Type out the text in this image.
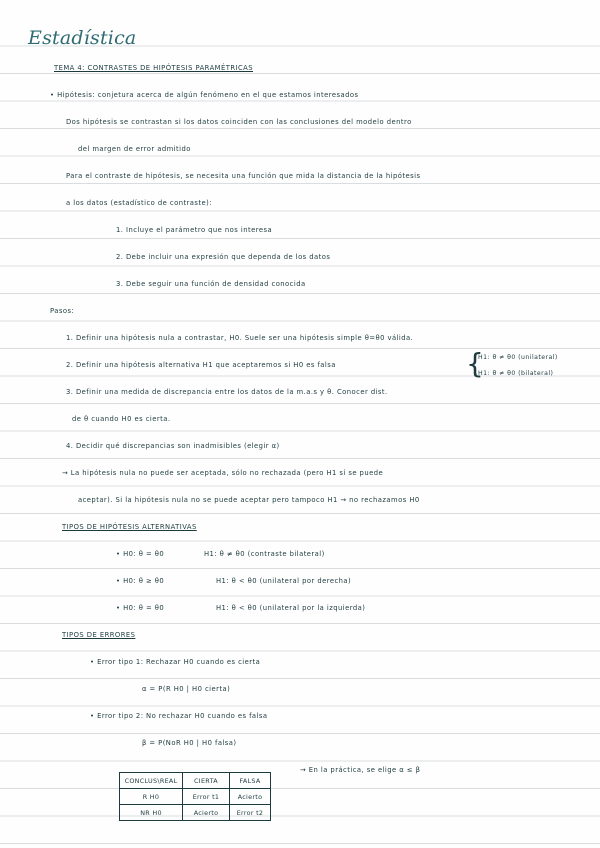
Estadística
TEMA 4: CONTRASTES DE HIPÓTESIS PARAMÉTRICAS
• Hipótesis: conjetura acerca de algún fenómeno en el que estamos interesados
Dos hipótesis se contrastan si los datos coinciden con las conclusiones del modelo dentro
del margen de error admitido
Para el contraste de hipótesis, se necesita una función que mida la distancia de la hipótesis
a los datos (estadístico de contraste):
1. Incluye el parámetro que nos interesa
2. Debe incluir una expresión que dependa de los datos
3. Debe seguir una función de densidad conocida
Pasos:
1. Definir una hipótesis nula a contrastar, H0. Suele ser una hipótesis simple θ=θ0 válida.
2. Definir una hipótesis alternativa H1 que aceptaremos si H0 es falsa	{
H1: θ ≠ θ0 (unilateral)
H1: θ ≠ θ0 (bilateral)
3. Definir una medida de discrepancia entre los datos de la m.a.s y θ. Conocer dist.
de θ cuando H0 es cierta.
4. Decidir qué discrepancias son inadmisibles (elegir α)
→ La hipótesis nula no puede ser aceptada, sólo no rechazada (pero H1 sí se puede
aceptar). Si la hipótesis nula no se puede aceptar pero tampoco H1 → no rechazamos H0
TIPOS DE HIPÓTESIS ALTERNATIVAS
• H0: θ = θ0	H1: θ ≠ θ0 (contraste bilateral)
• H0: θ ≥ θ0	H1: θ < θ0 (unilateral por derecha)
• H0: θ = θ0	H1: θ < θ0 (unilateral por la izquierda)
TIPOS DE ERRORES
• Error tipo 1: Rechazar H0 cuando es cierta
α = P(R H0 | H0 cierta)
• Error tipo 2: No rechazar H0 cuando es falsa
β = P(NoR H0 | H0 falsa)
→ En la práctica, se elige α ≤ β
CONCLUS\REAL	CIERTA	FALSA
R H0	Error t1	Acierto
NR H0	Acierto	Error t2
